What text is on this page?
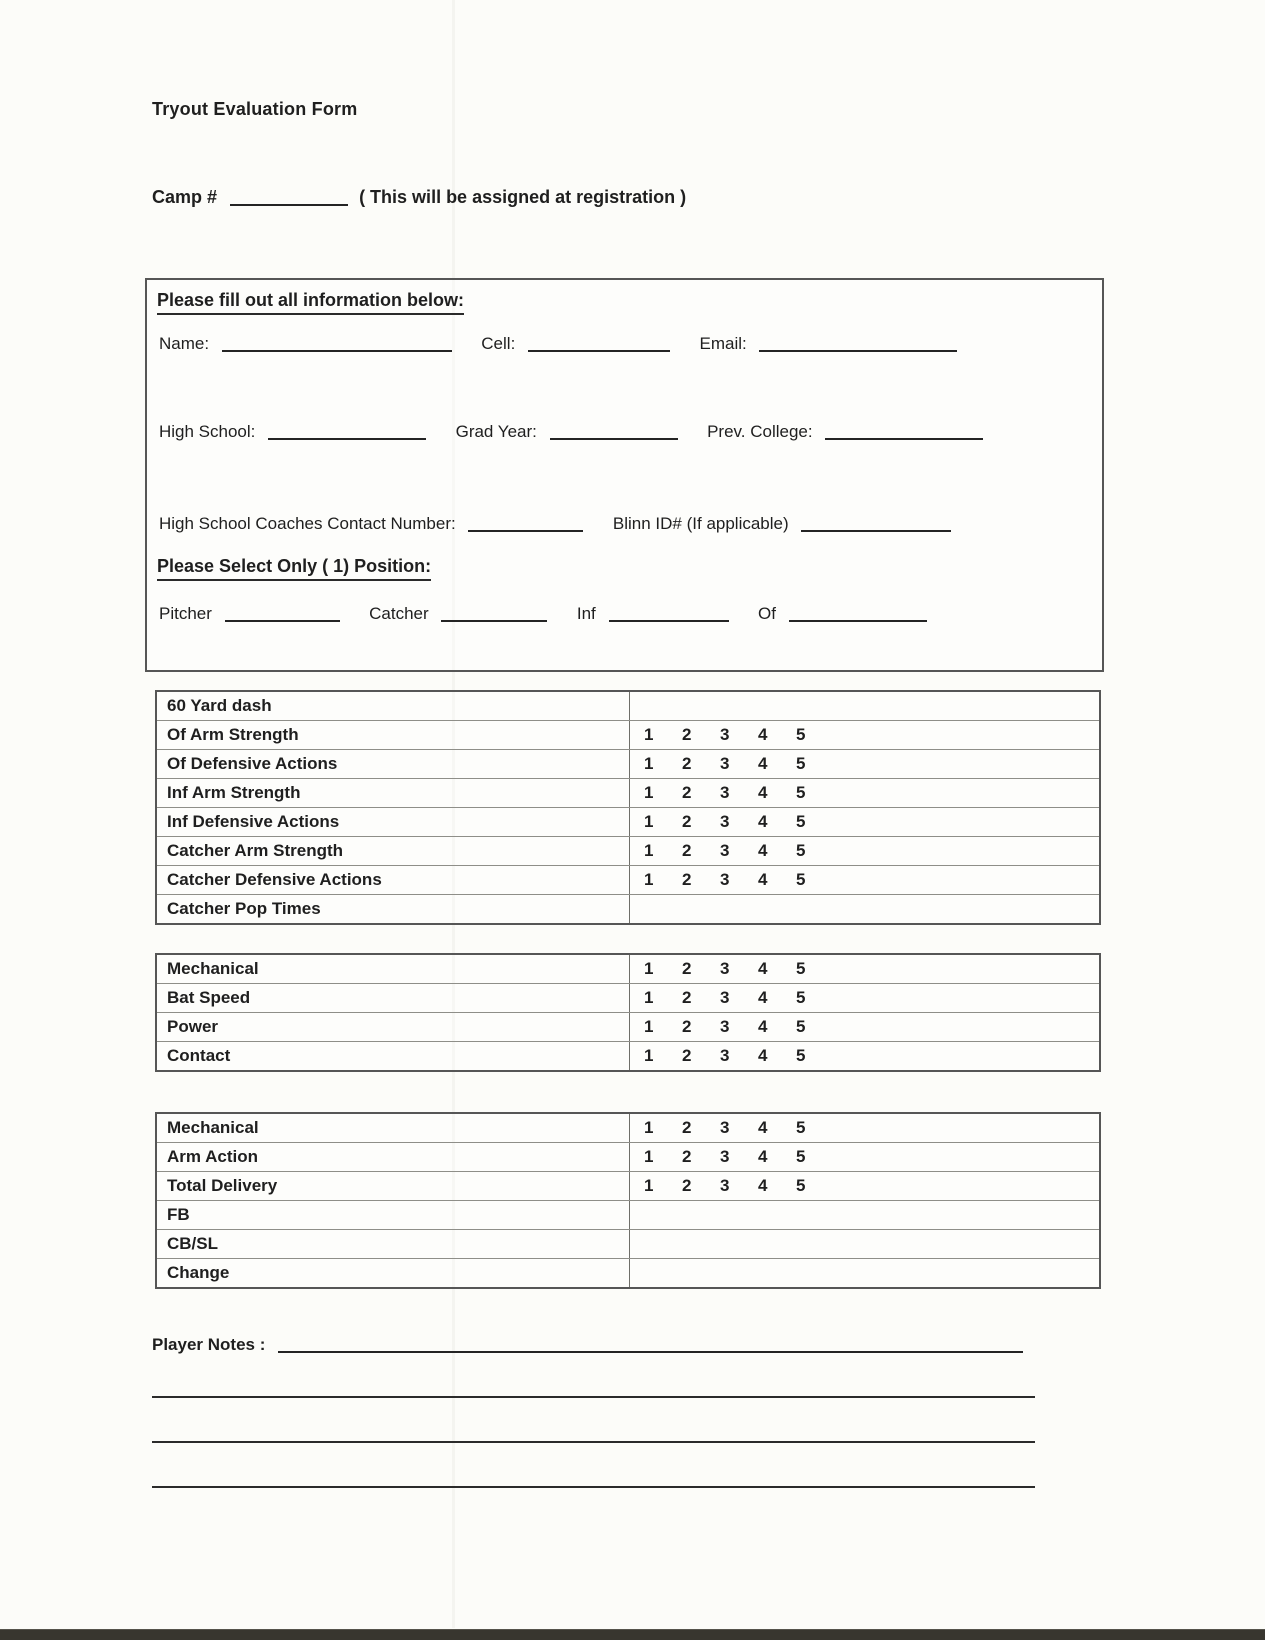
Tryout Evaluation Form
Camp #	( This will be assigned at registration )
Please fill out all information below:
Name:	Cell:	Email:
High School:	Grad Year:	Prev. College:
High School Coaches Contact Number:	Blinn ID# (If applicable)
Please Select Only ( 1) Position:
Pitcher	Catcher	Inf	Of
60 Yard dash
Of Arm Strength	1	2	3	4	5
Of Defensive Actions	1	2	3	4	5
Inf Arm Strength	1	2	3	4	5
Inf Defensive Actions	1	2	3	4	5
Catcher Arm Strength	1	2	3	4	5
Catcher Defensive Actions	1	2	3	4	5
Catcher Pop Times
Mechanical	1	2	3	4	5
Bat Speed	1	2	3	4	5
Power	1	2	3	4	5
Contact	1	2	3	4	5
Mechanical	1	2	3	4	5
Arm Action	1	2	3	4	5
Total Delivery	1	2	3	4	5
FB
CB/SL
Change
Player Notes :
